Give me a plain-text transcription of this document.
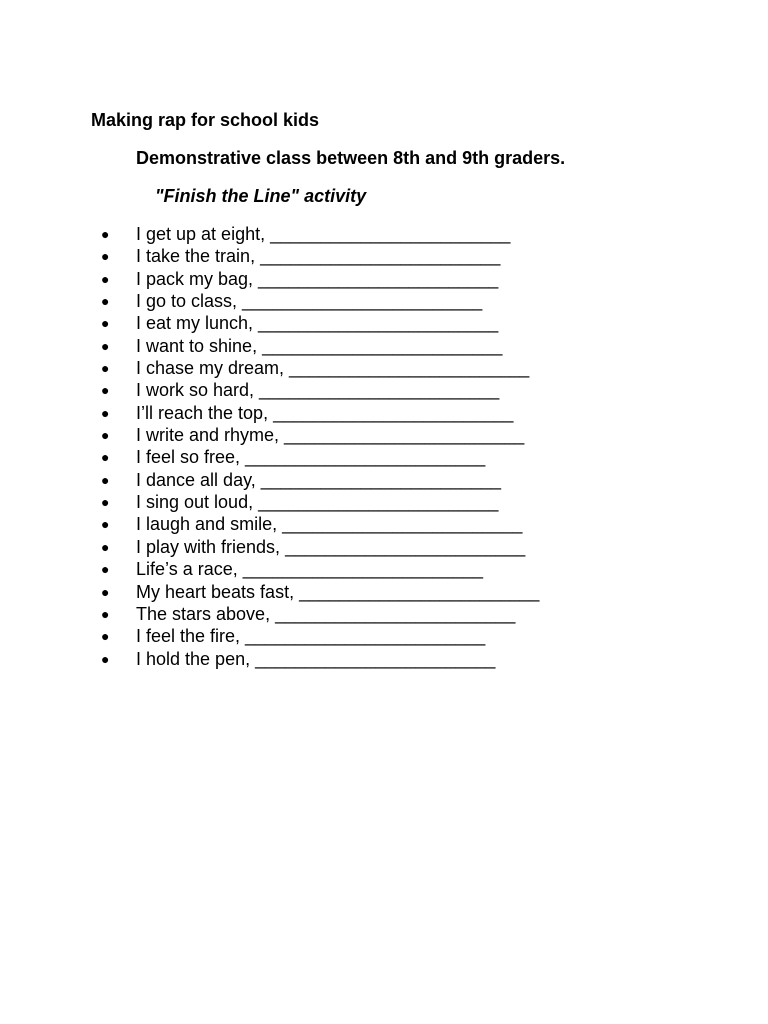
Making rap for school kids
Demonstrative class between 8th and 9th graders.
"Finish the Line" activity
● I get up at eight, ________________________
● I take the train, ________________________
● I pack my bag, ________________________
● I go to class, ________________________
● I eat my lunch, ________________________
● I want to shine, ________________________
● I chase my dream, ________________________
● I work so hard, ________________________
● I’ll reach the top, ________________________
● I write and rhyme, ________________________
● I feel so free, ________________________
● I dance all day, ________________________
● I sing out loud, ________________________
● I laugh and smile, ________________________
● I play with friends, ________________________
● Life’s a race, ________________________
● My heart beats fast, ________________________
● The stars above, ________________________
● I feel the fire, ________________________
● I hold the pen, ________________________
